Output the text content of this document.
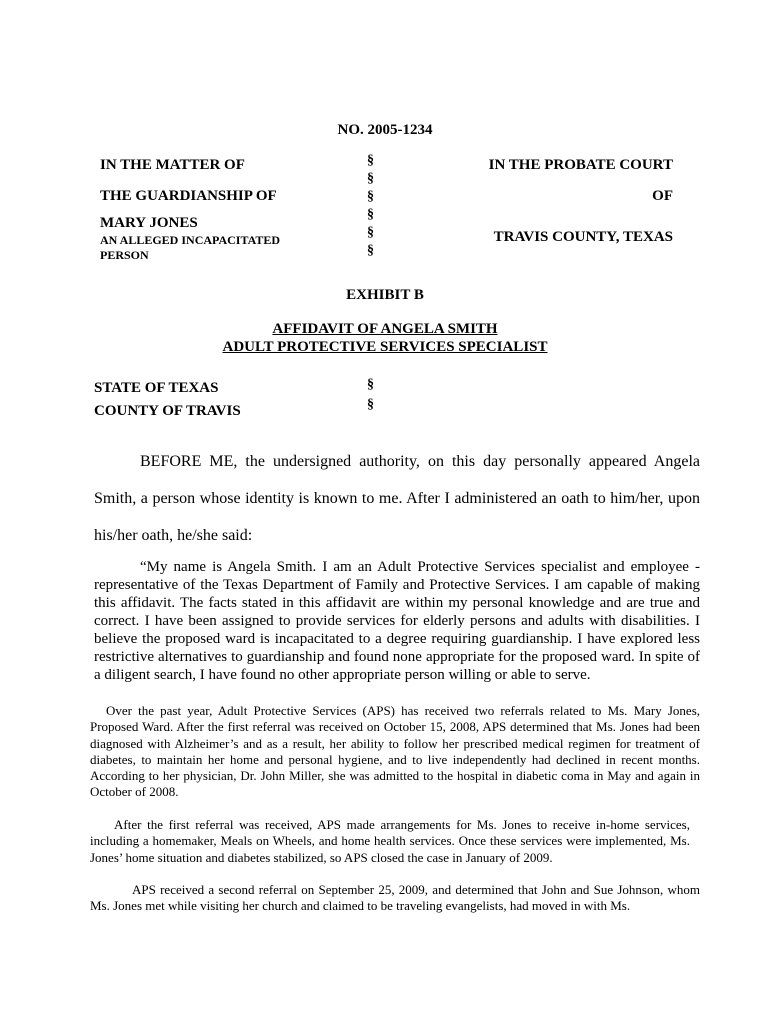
NO. 2005-1234
IN THE MATTER OF
THE GUARDIANSHIP OF
MARY JONES
AN ALLEGED INCAPACITATED
PERSON
§
§
§
§
§
§
IN THE PROBATE COURT
OF
TRAVIS COUNTY, TEXAS
EXHIBIT B
AFFIDAVIT OF ANGELA SMITH
ADULT PROTECTIVE SERVICES SPECIALIST
STATE OF TEXAS
COUNTY OF TRAVIS
§
§
BEFORE ME, the undersigned authority, on this day personally appeared Angela Smith, a person whose identity is known to me. After I administered an oath to him/her, upon his/her oath, he/she said:
“My name is Angela Smith. I am an Adult Protective Services specialist and employee -representative of the Texas Department of Family and Protective Services. I am capable of making this affidavit. The facts stated in this affidavit are within my personal knowledge and are true and correct. I have been assigned to provide services for elderly persons and adults with disabilities. I believe the proposed ward is incapacitated to a degree requiring guardianship. I have explored less restrictive alternatives to guardianship and found none appropriate for the proposed ward. In spite of a diligent search, I have found no other appropriate person willing or able to serve.
Over the past year, Adult Protective Services (APS) has received two referrals related to Ms. Mary Jones, Proposed Ward. After the first referral was received on October 15, 2008, APS determined that Ms. Jones had been diagnosed with Alzheimer’s and as a result, her ability to follow her prescribed medical regimen for treatment of diabetes, to maintain her home and personal hygiene, and to live independently had declined in recent months. According to her physician, Dr. John Miller, she was admitted to the hospital in diabetic coma in May and again in October of 2008.
After the first referral was received, APS made arrangements for Ms. Jones to receive in-home services, including a homemaker, Meals on Wheels, and home health services. Once these services were implemented, Ms. Jones’ home situation and diabetes stabilized, so APS closed the case in January of 2009.
APS received a second referral on September 25, 2009, and determined that John and Sue Johnson, whom Ms. Jones met while visiting her church and claimed to be traveling evangelists, had moved in with Ms.
